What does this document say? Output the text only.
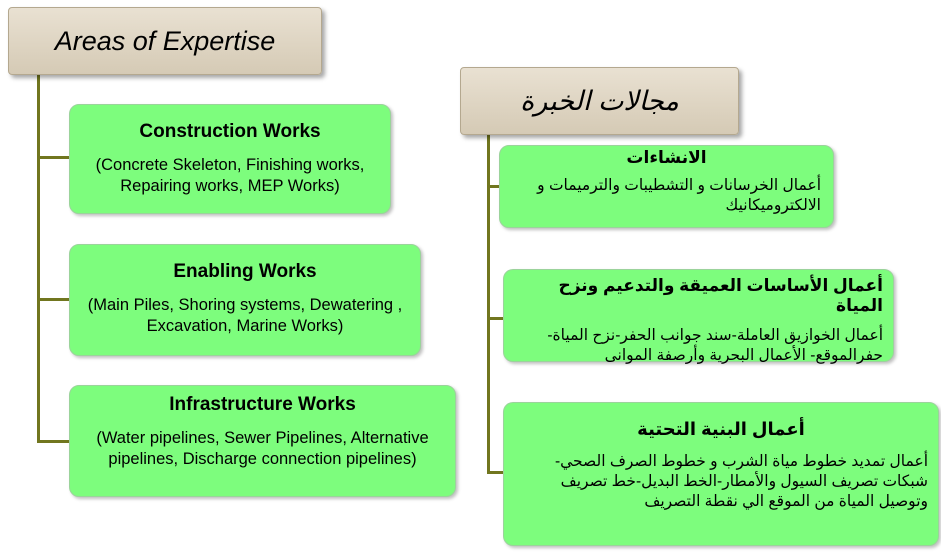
Areas of Expertise
Construction Works
(Concrete Skeleton, Finishing works, Repairing works, MEP Works)
Enabling Works
(Main Piles, Shoring systems, Dewatering , Excavation, Marine Works)
Infrastructure Works
(Water pipelines, Sewer Pipelines, Alternative pipelines, Discharge connection pipelines)
مجالات الخبرة
الانشاءات
أعمال الخرسانات و التشطيبات والترميمات و الالكتروميكانيك
أعمال الأساسات العميقة والتدعيم ونزح المياة
أعمال الخوازيق العاملة-سند جوانب الحفر-نزح المياة- حفرالموقع- الأعمال البحرية وأرصفة الموانى
أعمال البنية التحتية
أعمال تمديد خطوط مياة الشرب و خطوط الصرف الصحي- شبكات تصريف السيول والأمطار-الخط البديل-خط تصريف وتوصيل المياة من الموقع الي نقطة التصريف
